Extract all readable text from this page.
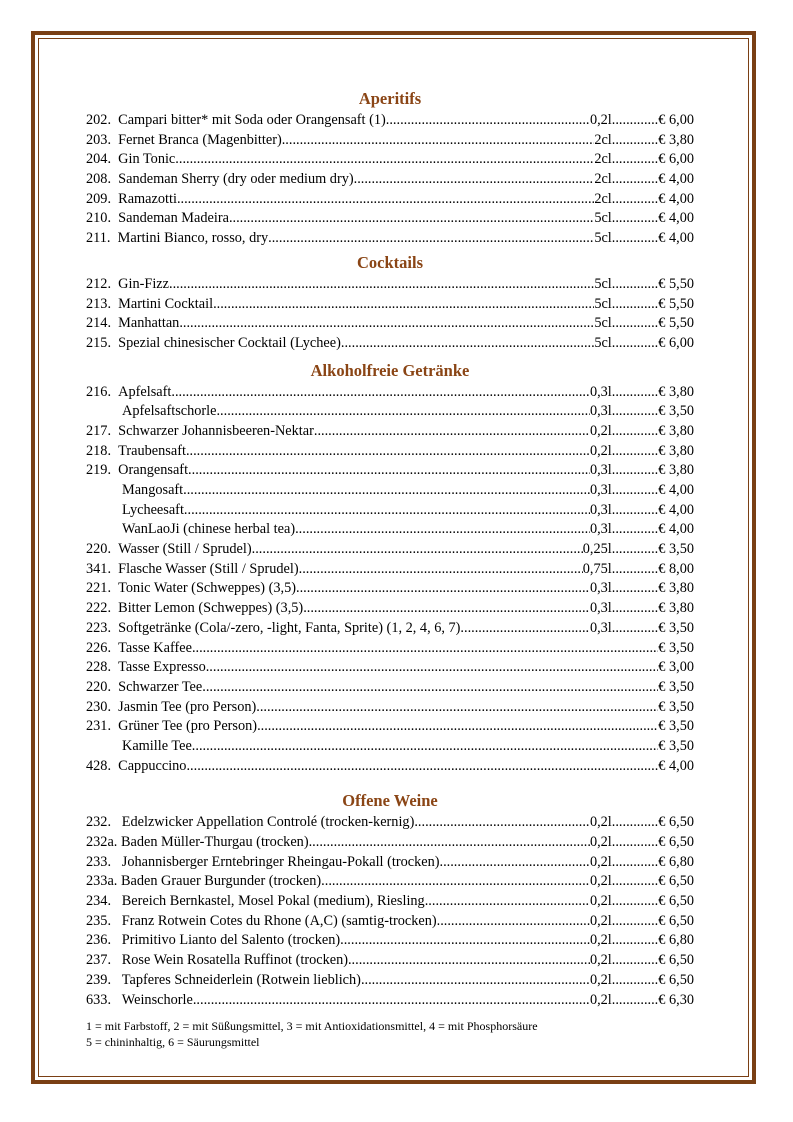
Aperitifs
202. Campari bitter* mit Soda oder Orangensaft (1) .....	0,2l .....	€ 6,00
203. Fernet Branca (Magenbitter) .....	2cl .....	€ 3,80
204. Gin Tonic .....	2cl .....	€ 6,00
208. Sandeman Sherry (dry oder medium dry) .....	2cl .....	€ 4,00
209. Ramazotti .....	2cl .....	€ 4,00
210. Sandeman Madeira .....	5cl .....	€ 4,00
211. Martini Bianco, rosso, dry .....	5cl .....	€ 4,00
Cocktails
212. Gin-Fizz .....	5cl .....	€ 5,50
213. Martini Cocktail .....	5cl .....	€ 5,50
214. Manhattan .....	5cl .....	€ 5,50
215. Spezial chinesischer Cocktail (Lychee) .....	5cl .....	€ 6,00
Alkoholfreie Getränke
216. Apfelsaft .....	0,3l .....	€ 3,80
Apfelsaftschorle .....	0,3l .....	€ 3,50
217. Schwarzer Johannisbeeren-Nektar .....	0,2l .....	€ 3,80
218. Traubensaft .....	0,2l .....	€ 3,80
219. Orangensaft .....	0,3l .....	€ 3,80
Mangosaft .....	0,3l .....	€ 4,00
Lycheesaft .....	0,3l .....	€ 4,00
WanLaoJi (chinese herbal tea) .....	0,3l .....	€ 4,00
220. Wasser (Still / Sprudel) .....	0,25l .....	€ 3,50
341. Flasche Wasser (Still / Sprudel) .....	0,75l .....	€ 8,00
221. Tonic Water (Schweppes) (3,5) .....	0,3l .....	€ 3,80
222. Bitter Lemon (Schweppes) (3,5) .....	0,3l .....	€ 3,80
223. Softgetränke (Cola/-zero, -light, Fanta, Sprite) (1, 2, 4, 6, 7) .....	0,3l .....	€ 3,50
226. Tasse Kaffee .....	€ 3,50
228. Tasse Expresso .....	€ 3,00
220. Schwarzer Tee .....	€ 3,50
230. Jasmin Tee (pro Person) .....	€ 3,50
231. Grüner Tee (pro Person) .....	€ 3,50
Kamille Tee .....	€ 3,50
428. Cappuccino .....	€ 4,00
Offene Weine
232. Edelzwicker Appellation Controlé (trocken-kernig) .....	0,2l .....	€ 6,50
232a. Baden Müller-Thurgau (trocken) .....	0,2l .....	€ 6,50
233. Johannisberger Erntebringer Rheingau-Pokall (trocken) .....	0,2l .....	€ 6,80
233a. Baden Grauer Burgunder (trocken) .....	0,2l .....	€ 6,50
234. Bereich Bernkastel, Mosel Pokal (medium), Riesling .....	0,2l .....	€ 6,50
235. Franz Rotwein Cotes du Rhone (A,C) (samtig-trocken) .....	0,2l .....	€ 6,50
236. Primitivo Lianto del Salento (trocken) .....	0,2l .....	€ 6,80
237. Rose Wein Rosatella Ruffinot (trocken) .....	0,2l .....	€ 6,50
239. Tapferes Schneiderlein (Rotwein lieblich) .....	0,2l .....	€ 6,50
633. Weinschorle .....	0,2l .....	€ 6,30
1 = mit Farbstoff, 2 = mit Süßungsmittel, 3 = mit Antioxidationsmittel, 4 = mit Phosphorsäure
5 = chininhaltig, 6 = Säurungsmittel
